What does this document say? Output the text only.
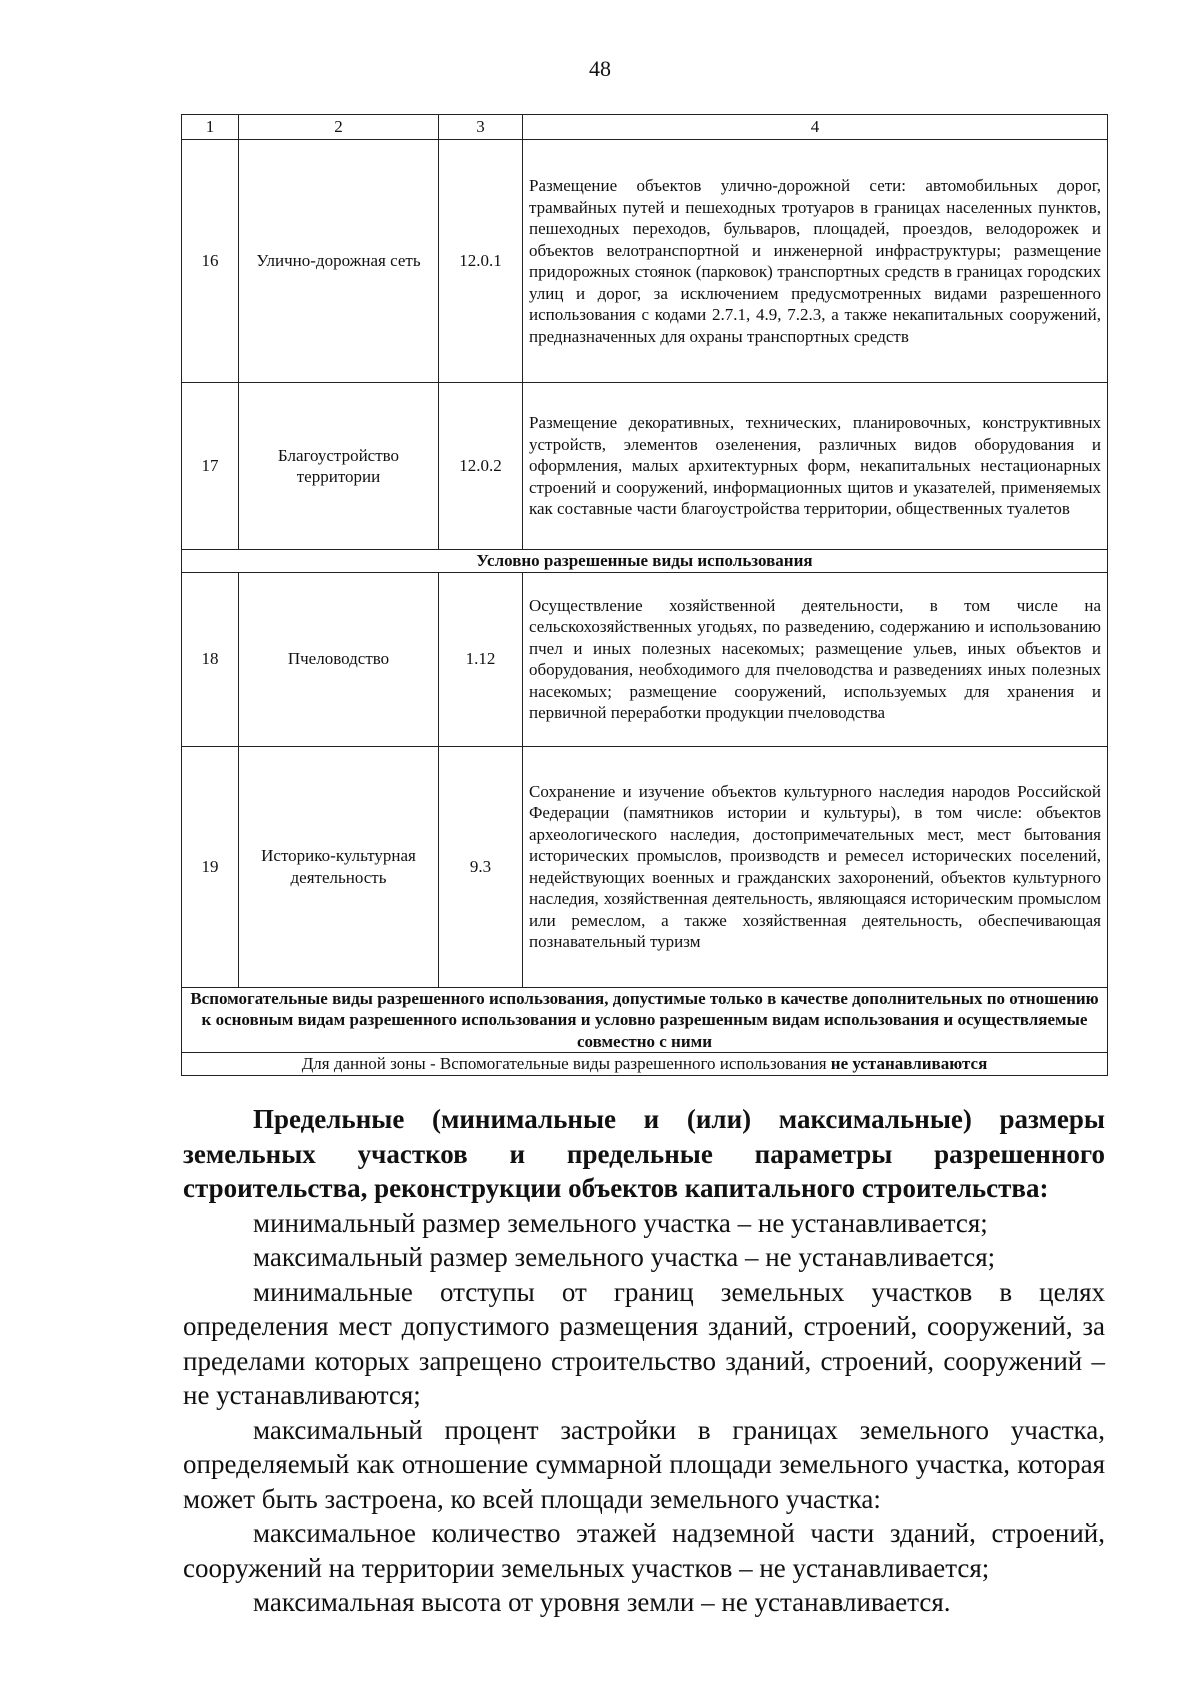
48
1	2	3	4
16	Улично-дорожная сеть	12.0.1	Размещение объектов улично-дорожной сети: автомобильных дорог, трамвайных путей и пешеходных тротуаров в границах населенных пунктов, пешеходных переходов, бульваров, площадей, проездов, велодорожек и объектов велотранспортной и инженерной инфраструктуры; размещение придорожных стоянок (парковок) транспортных средств в границах городских улиц и дорог, за исключением предусмотренных видами разрешенного использования с кодами 2.7.1, 4.9, 7.2.3, а также некапитальных сооружений, предназначенных для охраны транспортных средств
17	Благоустройство территории	12.0.2	Размещение декоративных, технических, планировочных, конструктивных устройств, элементов озеленения, различных видов оборудования и оформления, малых архитектурных форм, некапитальных нестационарных строений и сооружений, информационных щитов и указателей, применяемых как составные части благоустройства территории, общественных туалетов
Условно разрешенные виды использования			
18	Пчеловодство	1.12	Осуществление хозяйственной деятельности, в том числе на сельскохозяйственных угодьях, по разведению, содержанию и использованию пчел и иных полезных насекомых; размещение ульев, иных объектов и оборудования, необходимого для пчеловодства и разведениях иных полезных насекомых; размещение сооружений, используемых для хранения и первичной переработки продукции пчеловодства
19	Историко-культурная деятельность	9.3	Сохранение и изучение объектов культурного наследия народов Российской Федерации (памятников истории и культуры), в том числе: объектов археологического наследия, достопримечательных мест, мест бытования исторических промыслов, производств и ремесел исторических поселений, недействующих военных и гражданских захоронений, объектов культурного наследия, хозяйственная деятельность, являющаяся историческим промыслом или ремеслом, а также хозяйственная деятельность, обеспечивающая познавательный туризм
Вспомогательные виды разрешенного использования, допустимые только в качестве дополнительных по отношению к основным видам разрешенного использования и условно разрешенным видам использования и осуществляемые совместно с ними			
Для данной зоны - Вспомогательные виды разрешенного использования не устанавливаются			

Предельные (минимальные и (или) максимальные) размеры земельных участков и предельные параметры разрешенного строительства, реконструкции объектов капитального строительства:

минимальный размер земельного участка – не устанавливается;

максимальный размер земельного участка – не устанавливается;

минимальные отступы от границ земельных участков в целях определения мест допустимого размещения зданий, строений, сооружений, за пределами которых запрещено строительство зданий, строений, сооружений – не устанавливаются;

максимальный процент застройки в границах земельного участка, определяемый как отношение суммарной площади земельного участка, которая может быть застроена, ко всей площади земельного участка:

максимальное количество этажей надземной части зданий, строений, сооружений на территории земельных участков – не устанавливается;

максимальная высота от уровня земли – не устанавливается.
